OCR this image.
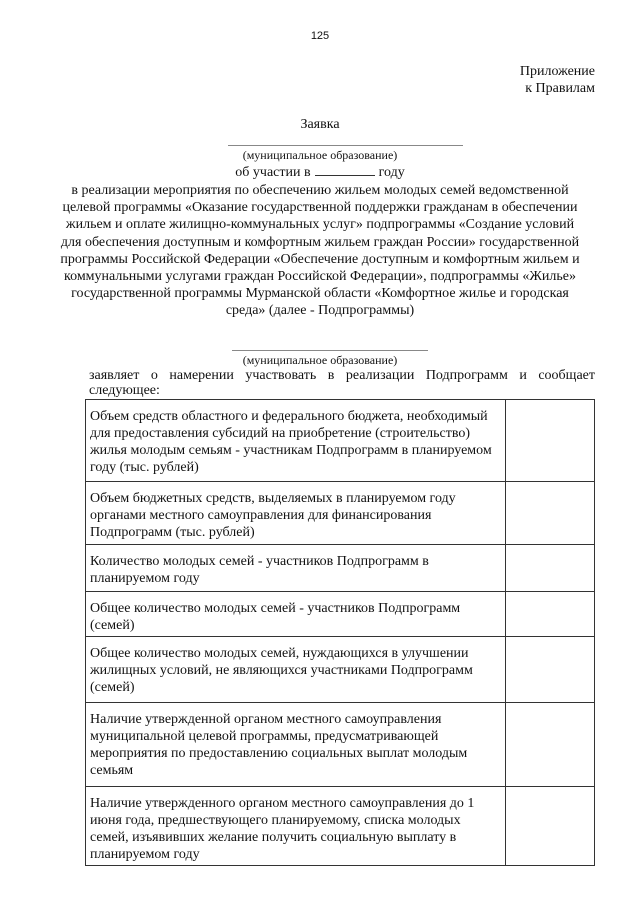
125
Приложение
к Правилам
Заявка
(муниципальное образование)
об участии в	году
в реализации мероприятия по обеспечению жильем молодых семей ведомственной целевой программы «Оказание государственной поддержки гражданам в обеспечении жильем и оплате жилищно-коммунальных услуг» подпрограммы «Создание условий для обеспечения доступным и комфортным жильем граждан России» государственной программы Российской Федерации «Обеспечение доступным и комфортным жильем и коммунальными услугами граждан Российской Федерации», подпрограммы «Жилье» государственной программы Мурманской области «Комфортное жилье и городская среда» (далее - Подпрограммы)
(муниципальное образование)
заявляет о намерении участвовать в реализации Подпрограмм и сообщает
следующее:
Объем средств областного и федерального бюджета, необходимый для предоставления субсидий на приобретение (строительство) жилья молодым семьям - участникам Подпрограмм в планируемом году (тыс. рублей)	
Объем бюджетных средств, выделяемых в планируемом году органами местного самоуправления для финансирования Подпрограмм (тыс. рублей)	
Количество молодых семей - участников Подпрограмм в планируемом году	
Общее количество молодых семей - участников Подпрограмм (семей)	
Общее количество молодых семей, нуждающихся в улучшении жилищных условий, не являющихся участниками Подпрограмм (семей)	
Наличие утвержденной органом местного самоуправления муниципальной целевой программы, предусматривающей мероприятия по предоставлению социальных выплат молодым семьям	
Наличие утвержденного органом местного самоуправления до 1 июня года, предшествующего планируемому, списка молодых семей, изъявивших желание получить социальную выплату в планируемом году	
